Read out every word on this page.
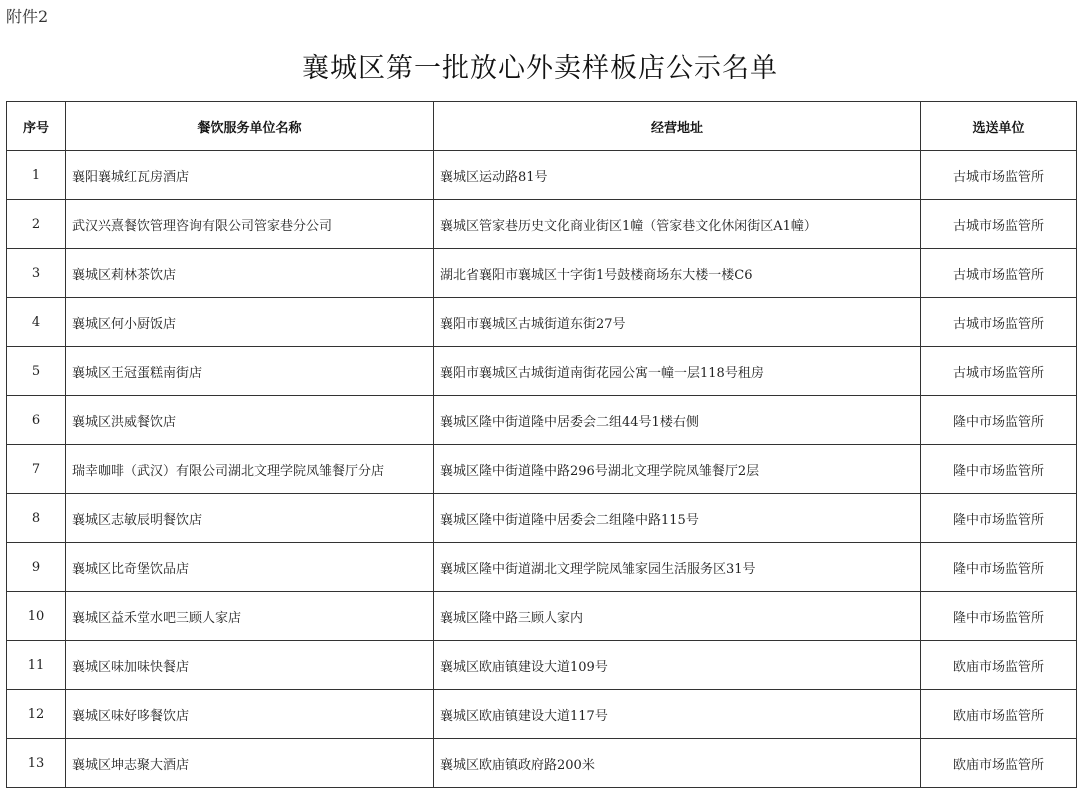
附件2
襄城区第一批放心外卖样板店公示名单
序号	餐饮服务单位名称	经营地址	选送单位
1	襄阳襄城红瓦房酒店	襄城区运动路81号	古城市场监管所
2	武汉兴熹餐饮管理咨询有限公司管家巷分公司	襄城区管家巷历史文化商业街区1幢（管家巷文化休闲街区A1幢）	古城市场监管所
3	襄城区莉林茶饮店	湖北省襄阳市襄城区十字街1号鼓楼商场东大楼一楼C6	古城市场监管所
4	襄城区何小厨饭店	襄阳市襄城区古城街道东街27号	古城市场监管所
5	襄城区王冠蛋糕南街店	襄阳市襄城区古城街道南街花园公寓一幢一层118号租房	古城市场监管所
6	襄城区洪威餐饮店	襄城区隆中街道隆中居委会二组44号1楼右侧	隆中市场监管所
7	瑞幸咖啡（武汉）有限公司湖北文理学院凤雏餐厅分店	襄城区隆中街道隆中路296号湖北文理学院凤雏餐厅2层	隆中市场监管所
8	襄城区志敏辰明餐饮店	襄城区隆中街道隆中居委会二组隆中路115号	隆中市场监管所
9	襄城区比奇堡饮品店	襄城区隆中街道湖北文理学院凤雏家园生活服务区31号	隆中市场监管所
10	襄城区益禾堂水吧三顾人家店	襄城区隆中路三顾人家内	隆中市场监管所
11	襄城区味加味快餐店	襄城区欧庙镇建设大道109号	欧庙市场监管所
12	襄城区味好哆餐饮店	襄城区欧庙镇建设大道117号	欧庙市场监管所
13	襄城区坤志聚大酒店	襄城区欧庙镇政府路200米	欧庙市场监管所
